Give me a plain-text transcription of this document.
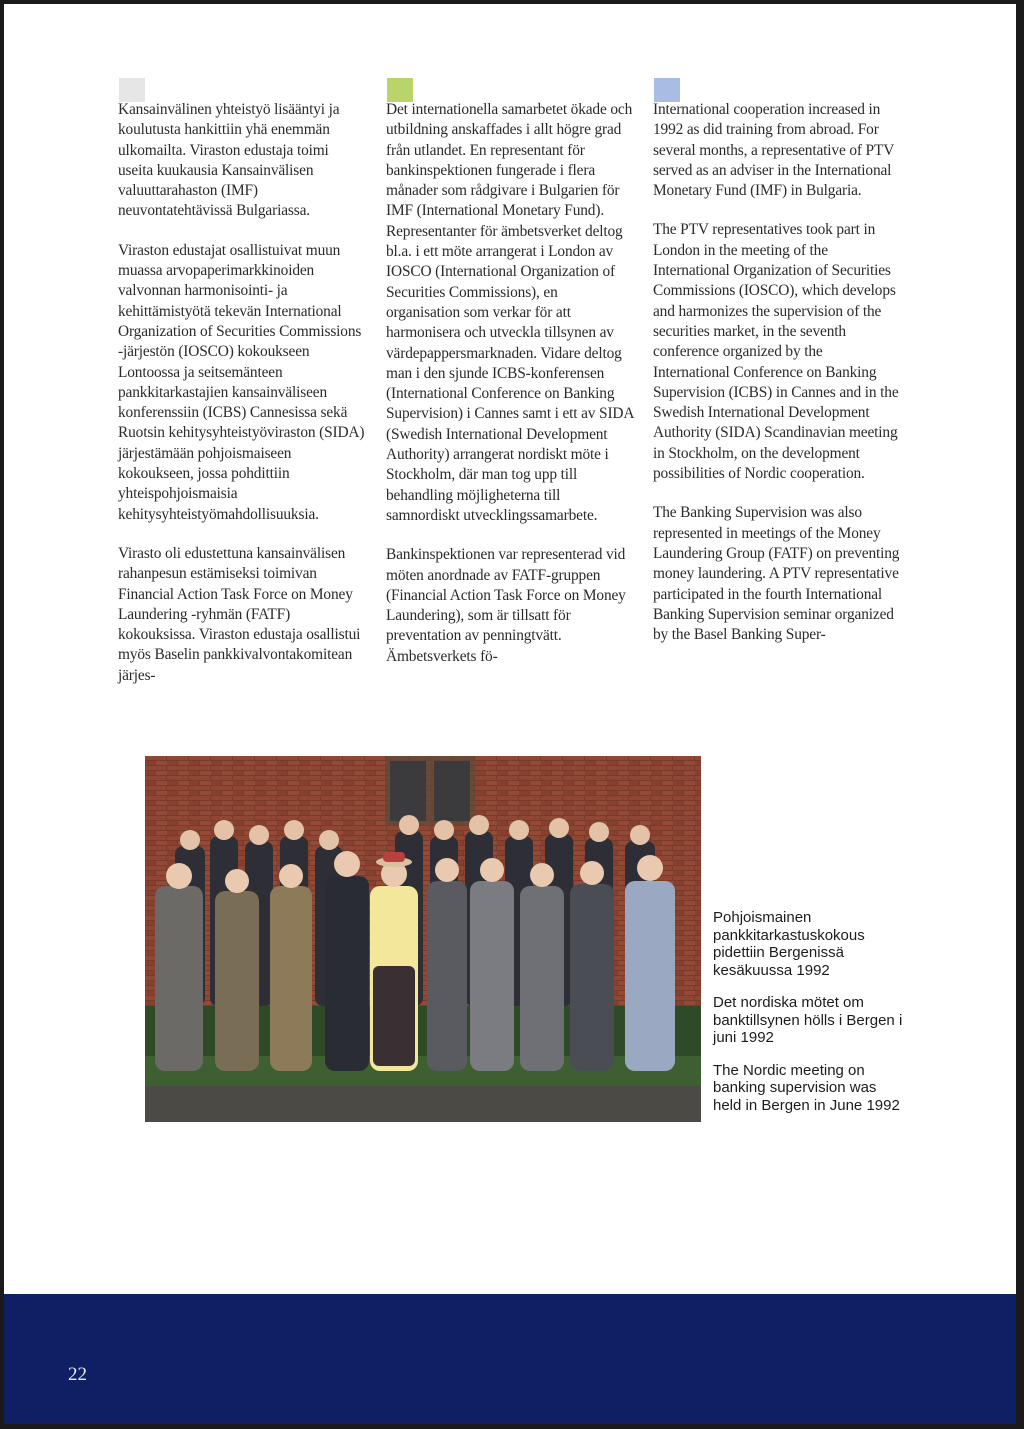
Kansainvälinen yhteistyö lisääntyi ja koulutusta hankittiin yhä enemmän ulkomailta. Viraston edustaja toimi useita kuukausia Kansainvälisen valuuttarahaston (IMF) neuvontatehtävissä Bulgariassa.

Viraston edustajat osallistuivat muun muassa arvopaperimarkkinoiden valvonnan harmonisointi- ja kehittämistyötä tekevän International Organization of Securities Commissions -järjestön (IOSCO) kokoukseen Lontoossa ja seitsemänteen pankkitarkastajien kansainväliseen konferenssiin (ICBS) Cannesissa sekä Ruotsin kehitysyhteistyöviraston (SIDA) järjestämään pohjoismaiseen kokoukseen, jossa pohdittiin yhteispohjoismaisia kehitysyhteistyömahdollisuuksia.

Virasto oli edustettuna kansainvälisen rahanpesun estämiseksi toimivan Financial Action Task Force on Money Laundering -ryhmän (FATF) kokouksissa. Viraston edustaja osallistui myös Baselin pankkivalvontakomitean järjes-

Det internationella samarbetet ökade och utbildning anskaffades i allt högre grad från utlandet. En representant för bankinspektionen fungerade i flera månader som rådgivare i Bulgarien för IMF (International Monetary Fund). Representanter för ämbetsverket deltog bl.a. i ett möte arrangerat i London av IOSCO (International Organization of Securities Commissions), en organisation som verkar för att harmonisera och utveckla tillsynen av värdepappersmarknaden. Vidare deltog man i den sjunde ICBS-konferensen (International Conference on Banking Supervision) i Cannes samt i ett av SIDA (Swedish International Development Authority) arrangerat nordiskt möte i Stockholm, där man tog upp till behandling möjligheterna till samnordiskt utvecklingssamarbete.

Bankinspektionen var representerad vid möten anordnade av FATF-gruppen (Financial Action Task Force on Money Laundering), som är tillsatt för preventation av penningtvätt. Ämbetsverkets fö-

International cooperation increased in 1992 as did training from abroad. For several months, a representative of PTV served as an adviser in the International Monetary Fund (IMF) in Bulgaria.

The PTV representatives took part in London in the meeting of the International Organization of Securities Commissions (IOSCO), which develops and harmonizes the supervision of the securities market, in the seventh conference organized by the International Conference on Banking Supervision (ICBS) in Cannes and in the Swedish International Development Authority (SIDA) Scandinavian meeting in Stockholm, on the development possibilities of Nordic cooperation.

The Banking Supervision was also represented in meetings of the Money Laundering Group (FATF) on preventing money laundering. A PTV representative participated in the fourth International Banking Supervision seminar organized by the Basel Banking Super-

Pohjoismainen pankkitarkastuskokous pidettiin Bergenissä kesäkuussa 1992

Det nordiska mötet om banktillsynen hölls i Bergen i juni 1992

The Nordic meeting on banking supervision was held in Bergen in June 1992

22
